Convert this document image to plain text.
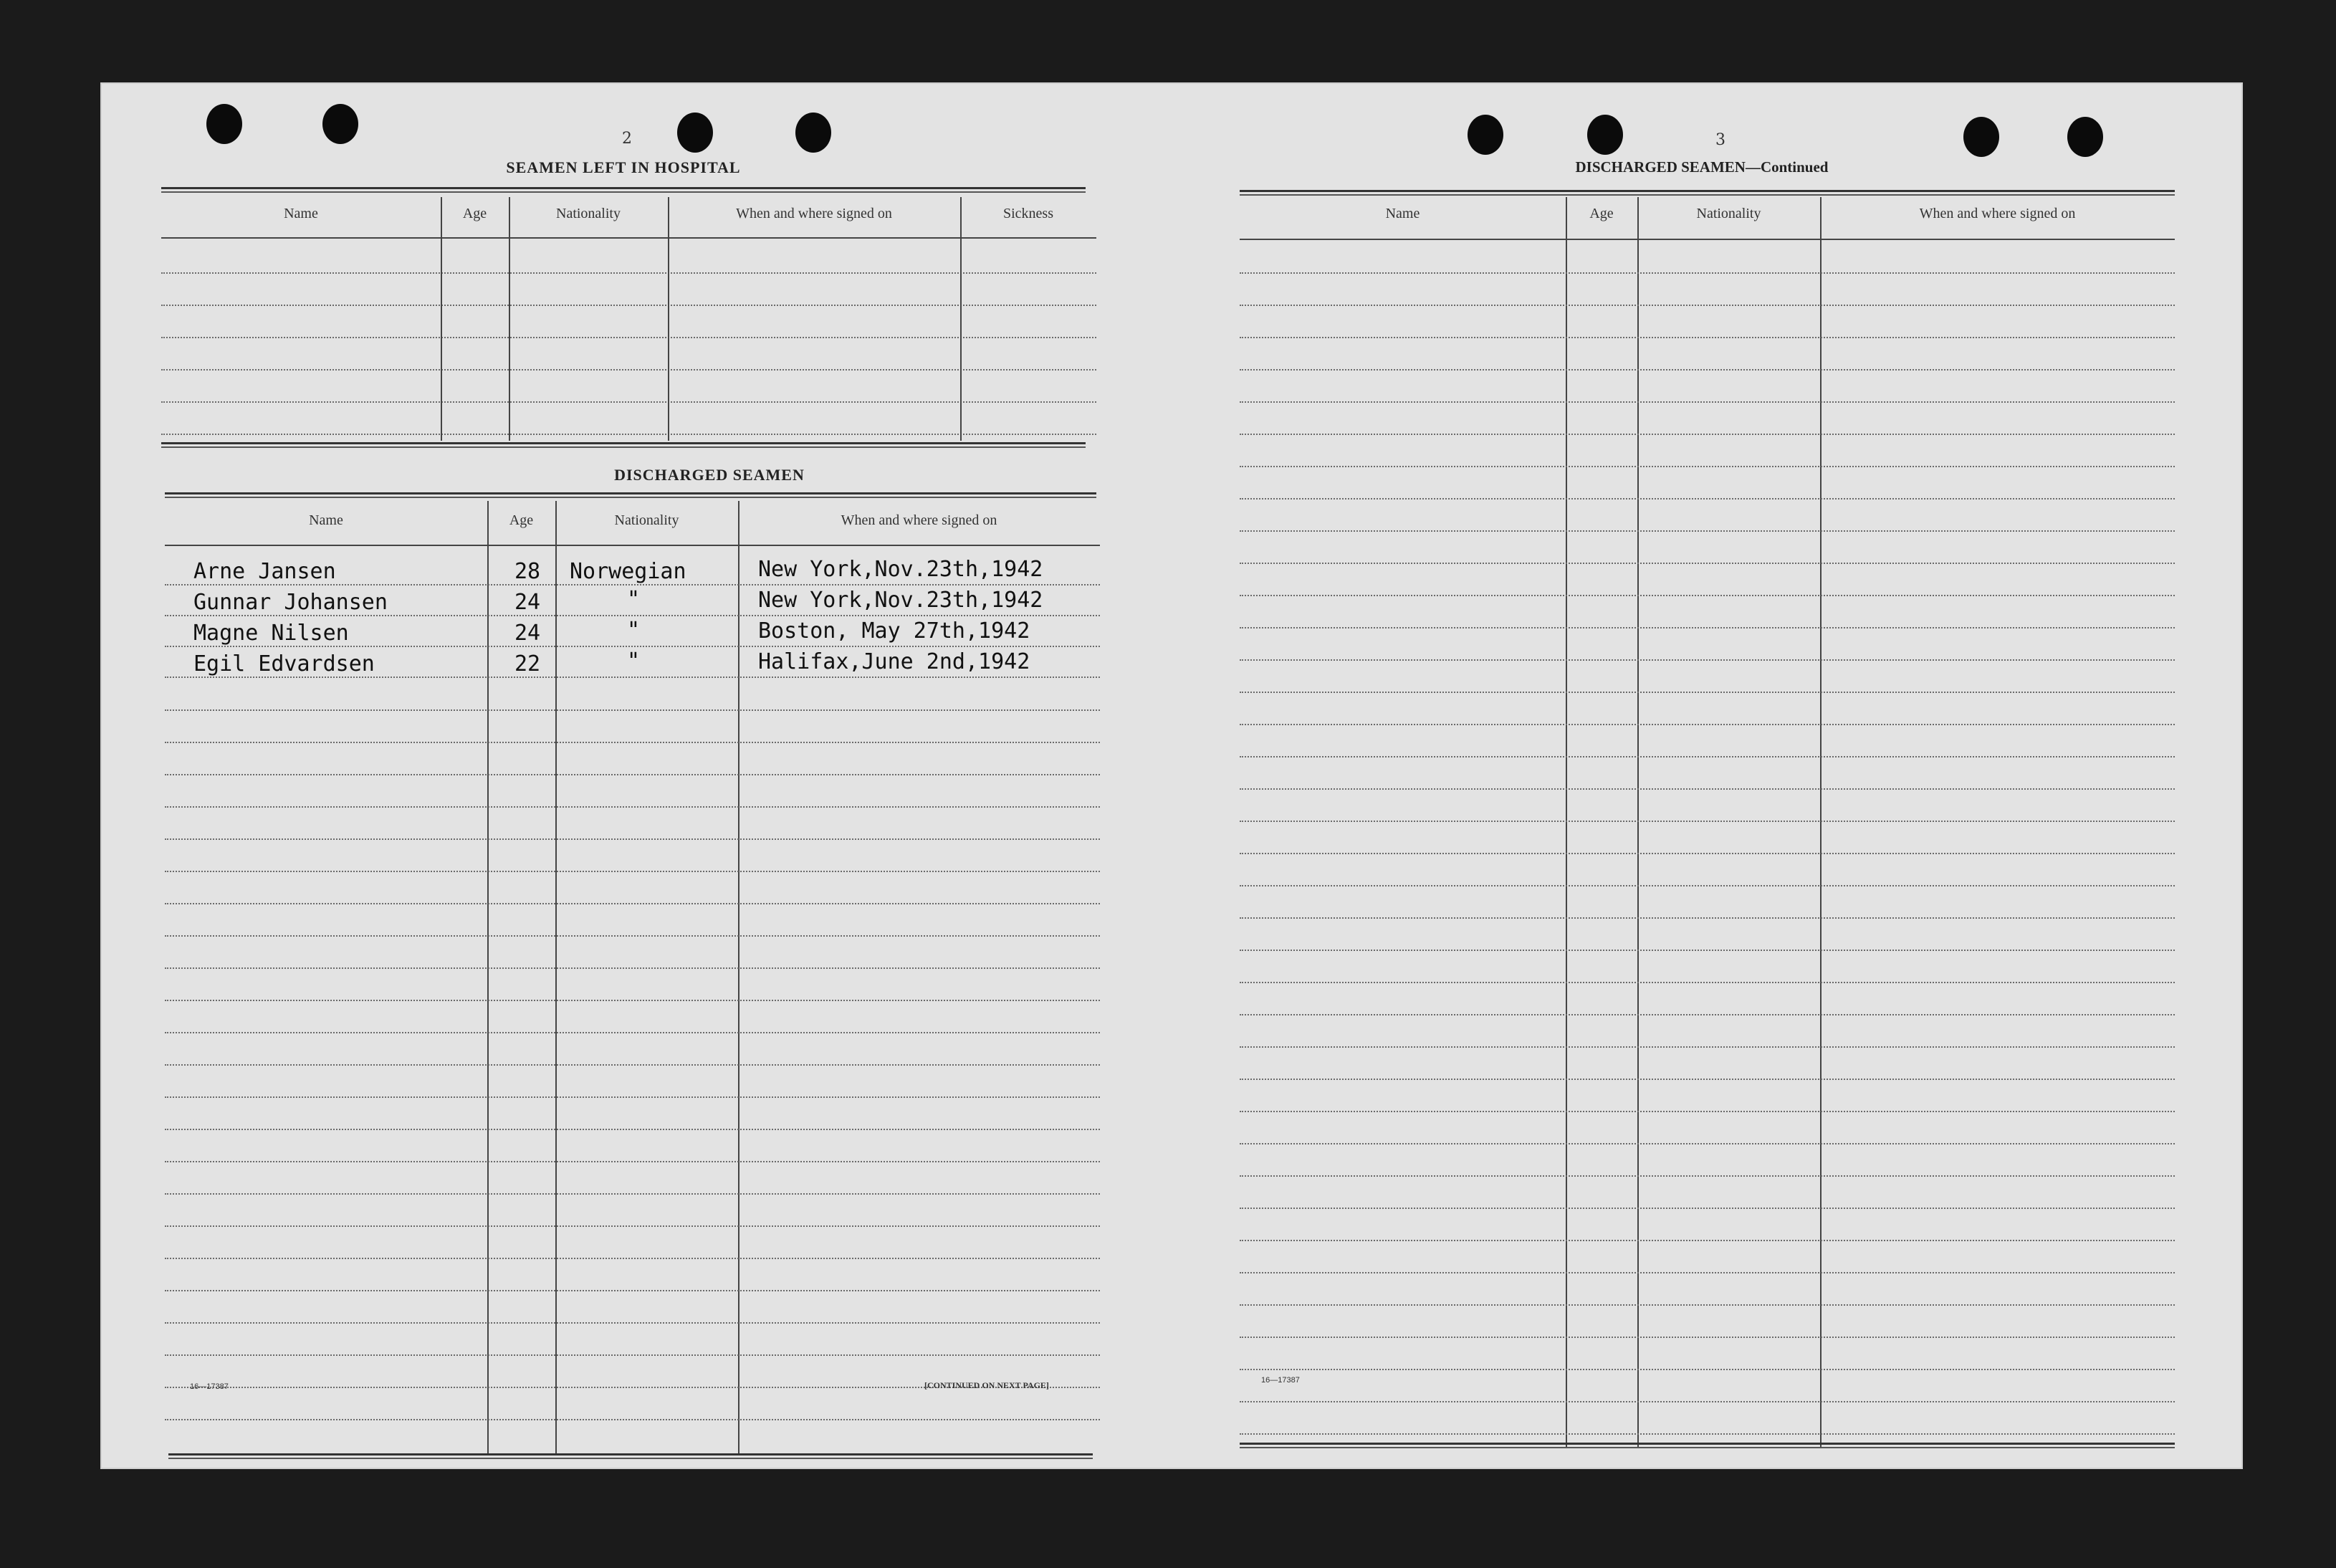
2
SEAMEN LEFT IN HOSPITAL
Name	Age	Nationality	When and where signed on	Sickness
DISCHARGED SEAMEN
Name	Age	Nationality	When and where signed on
Arne Jansen	28 Norwegian	New York,Nov.23th,1942
Gunnar Johansen	24	"	New York,Nov.23th,1942
Magne Nilsen	24	"	Boston, May 27th,1942
Egil Edvardsen	22	"	Halifax,June 2nd,1942
16—17387	[CONTINUED ON NEXT PAGE]
3
DISCHARGED SEAMEN—Continued
Name	Age	Nationality	When and where signed on
16—17387
